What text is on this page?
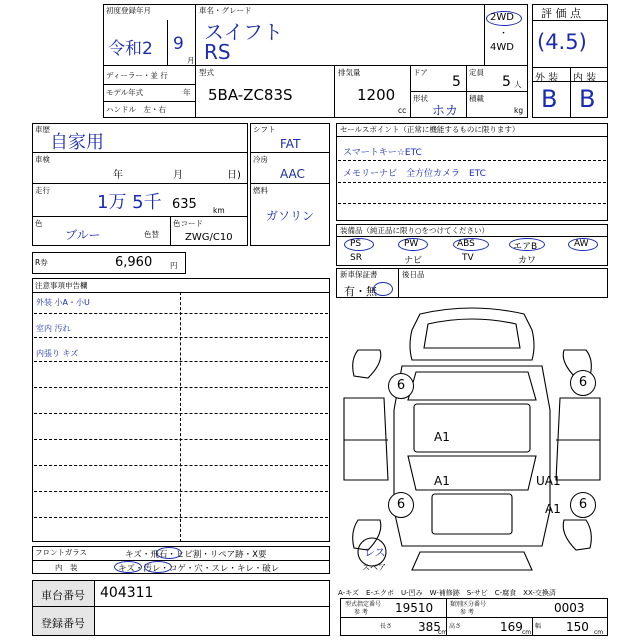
初度登録年月
令和2 9
月
車名・グレード
スイフト
RS
2WD
・
4WD
ディーラー・並 行
モデル年式	年
ハンドル　左・右
型式
5BA-ZC83S
排気量
1200
cc
ドア
5
定員
5 人
形状
ホカ
積載
kg
評 価 点
(4.5)
外 装 内 装
B B
車歴
自家用
車検
年	月	日)
走行
1万 5千 635 km
色
ブルー	色替
色コード
ZWG/C10
シフト
FAT
冷房
AAC
燃料
ガソリン
R券	6,960 円
セールスポイント（正常に機能するものに限ります）
スマートキー☆ETC
メモリーナビ　全方位カメラ　ETC
装備品（純正品に限り○をつけてください）
PS	PW	ABS	エアB	AW
SR	ナビ	TV	カワ
新車保証書
有・無
後日品
注意事項申告欄
外装 小A・小U
室内 汚れ
内張り キズ
フロントガラス	キズ・飛石・ヒビ割・リペア跡・X要
内　装	キズ・汚レ・コゲ・穴・スレ・キレ・破レ
車台番号 404311
登録番号
6	6
A1
A1	UA1
6	A1	6
レス
スペア
A-キズ　E-エクボ　U-凹み　W-補修跡　S-サビ　C-腐食　XX-交換済
型式指定番号
参 考 19510	類別区分番号
参 考	0003
長さ 385
cm
高さ	169 cm
幅 150 cm
